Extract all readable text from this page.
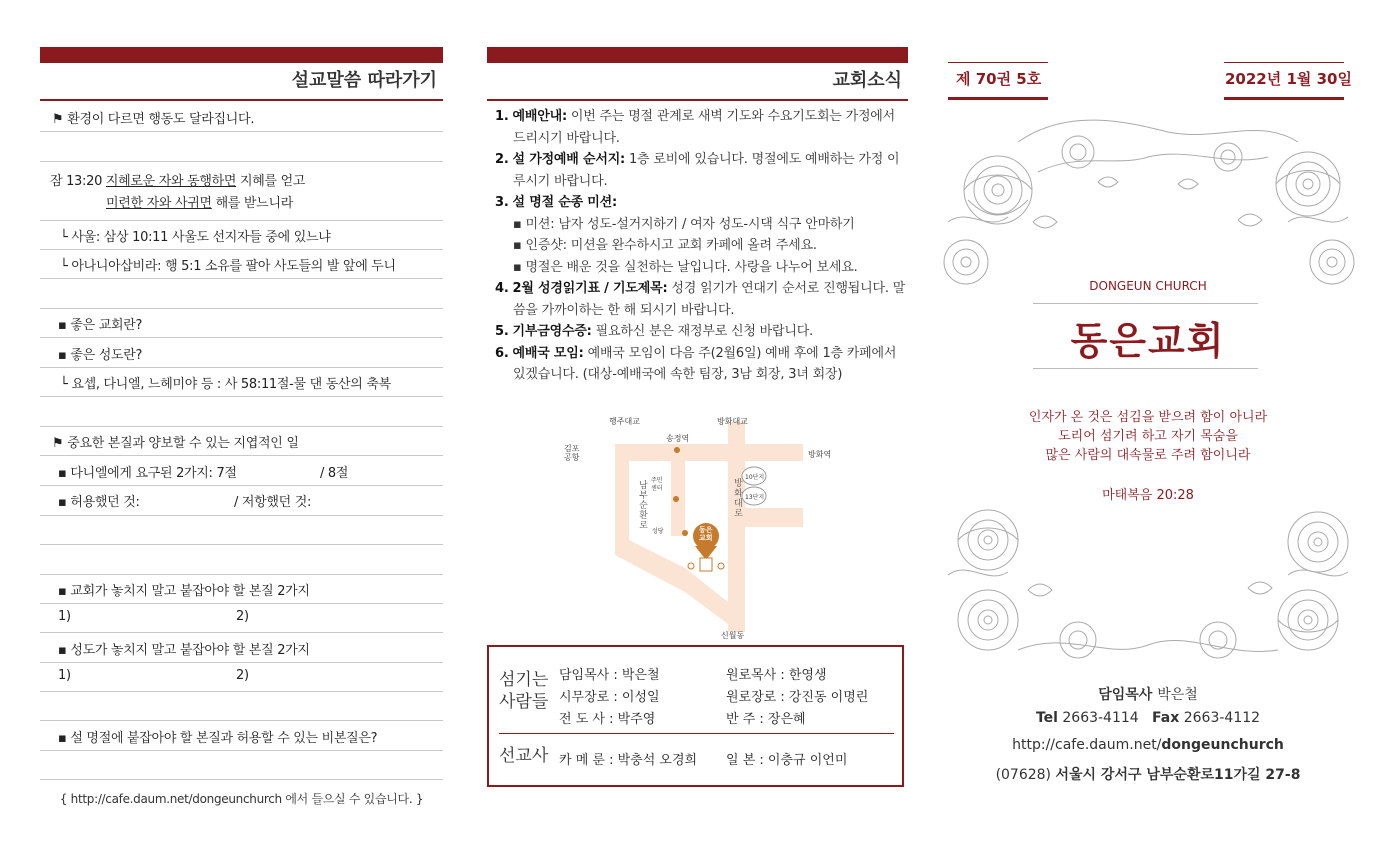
설교말씀 따라가기
⚑ 환경이 다르면 행동도 달라집니다.
잠 13:20 지혜로운 자와 동행하면 지혜를 얻고
미련한 자와 사귀면 해를 받느니라
└ 사울: 삼상 10:11 사울도 선지자들 중에 있느냐
└ 아나니아삽비라: 행 5:1 소유를 팔아 사도들의 발 앞에 두니
▪ 좋은 교회란?
▪ 좋은 성도란?
└ 요셉, 다니엘, 느헤미야 등 : 사 58:11절-물 댄 동산의 축복
⚑ 중요한 본질과 양보할 수 있는 지엽적인 일
▪ 다니엘에게 요구된 2가지: 7절	/ 8절
▪ 허용했던 것:	/ 저항했던 것:
▪ 교회가 놓치지 말고 붙잡아야 할 본질 2가지
1)	2)
▪ 성도가 놓치지 말고 붙잡아야 할 본질 2가지
1)	2)
▪ 설 명절에 붙잡아야 할 본질과 허용할 수 있는 비본질은?
{ http://cafe.daum.net/dongeunchurch 에서 들으실 수 있습니다. }
교회소식

1. 예배안내: 이번 주는 명절 관계로 새벽 기도와 수요기도회는 가정에서 드리시기 바랍니다.

2. 설 가정예배 순서지: 1층 로비에 있습니다. 명절에도 예배하는 가정 이루시기 바랍니다.

3. 설 명절 순종 미션:

▪ 미션: 남자 성도-설거지하기 / 여자 성도-시댁 식구 안마하기

▪ 인증샷: 미션을 완수하시고 교회 카페에 올려 주세요.

▪ 명절은 배운 것을 실천하는 날입니다. 사랑을 나누어 보세요.

4. 2월 성경읽기표 / 기도제목: 성경 읽기가 연대기 순서로 진행됩니다. 말씀을 가까이하는 한 해 되시기 바랍니다.

5. 기부금영수증: 필요하신 분은 재정부로 신청 바랍니다.

6. 예배국 모임: 예배국 모임이 다음 주(2월6일) 예배 후에 1층 카페에서 있겠습니다. (대상-예배국에 속한 팀장, 3남 회장, 3녀 회장)

행주대교	방화대교
송정역
김포
공항	방화역
주민
센터
남부순환로	방화대로
10단지
13단지
성당	동은
교회
신월동
섬기는
사람들
담임목사 : 박은철	원로목사 : 한영생
시무장로 : 이성일	원로장로 : 강진동 이명린
전 도 사 : 박주영	반 주 : 장은혜
선교사 카 메 룬 : 박충석 오경희 일 본 : 이충규 이언미
제 70권 5호	2022년 1월 30일
DONGEUN CHURCH
동은교회
인자가 온 것은 섬김을 받으려 함이 아니라
도리어 섬기려 하고 자기 목숨을
많은 사람의 대속물로 주려 함이니라
마태복음 20:28
담임목사 박은철
Tel 2663-4114 Fax 2663-4112
http://cafe.daum.net/dongeunchurch
(07628) 서울시 강서구 남부순환로11가길 27-8
